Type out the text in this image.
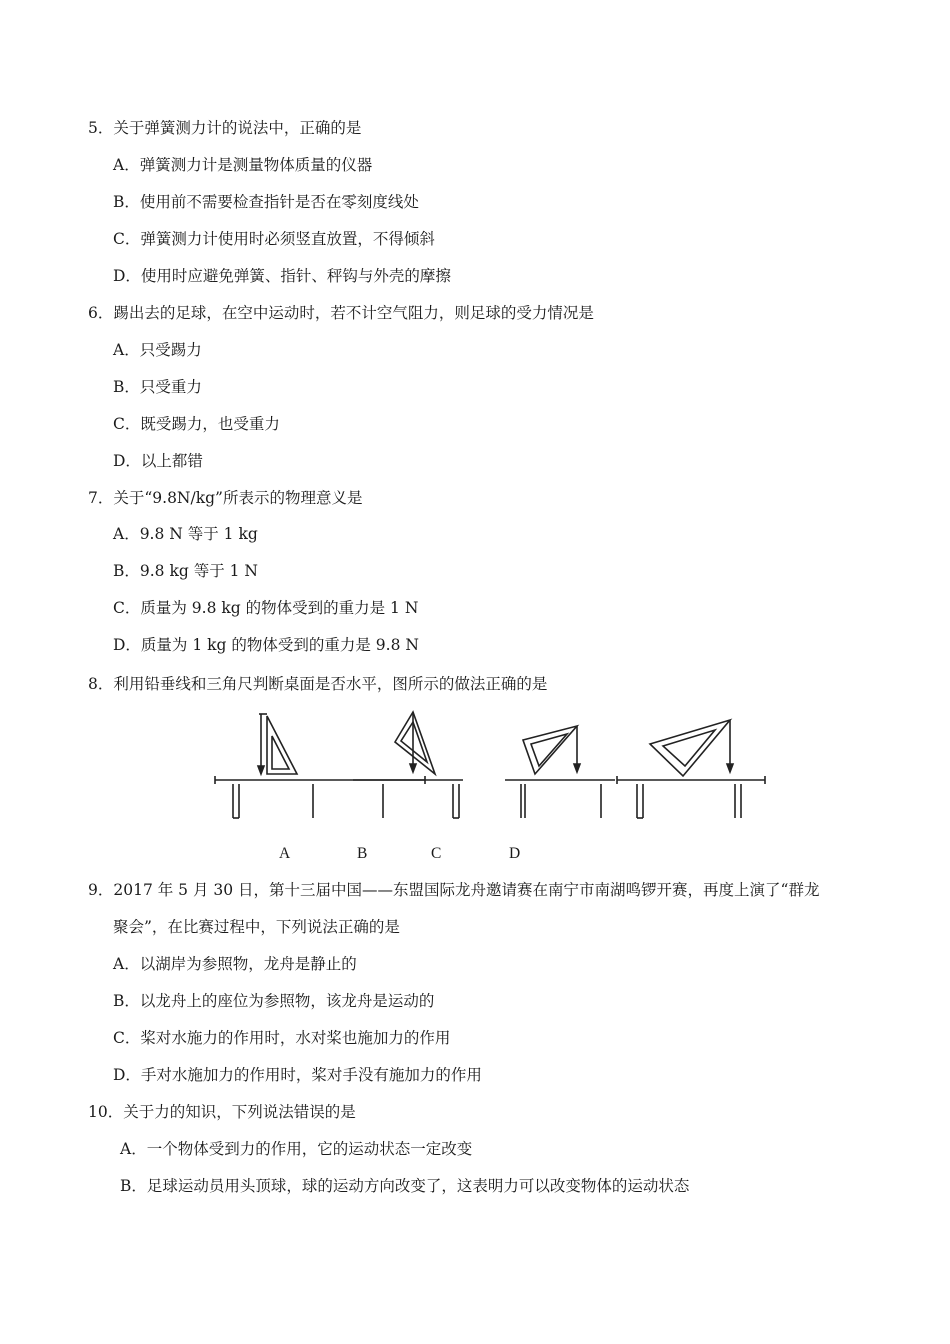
5．关于弹簧测力计的说法中，正确的是
A．弹簧测力计是测量物体质量的仪器
B．使用前不需要检查指针是否在零刻度线处
C．弹簧测力计使用时必须竖直放置，不得倾斜
D．使用时应避免弹簧、指针、秤钩与外壳的摩擦
6．踢出去的足球，在空中运动时，若不计空气阻力，则足球的受力情况是
A．只受踢力
B．只受重力
C．既受踢力，也受重力
D．以上都错
7．关于“9.8N/kg”所表示的物理意义是
A．9.8 N 等于 1 kg
B．9.8 kg 等于 1 N
C．质量为 9.8 kg 的物体受到的重力是 1 N
D．质量为 1 kg 的物体受到的重力是 9.8 N
8．利用铅垂线和三角尺判断桌面是否水平，图所示的做法正确的是
A	B	C	D
9．2017 年 5 月 30 日，第十三届中国——东盟国际龙舟邀请赛在南宁市南湖鸣锣开赛，再度上演了“群龙
聚会”，在比赛过程中，下列说法正确的是
A．以湖岸为参照物，龙舟是静止的
B．以龙舟上的座位为参照物，该龙舟是运动的
C．桨对水施力的作用时，水对桨也施加力的作用
D．手对水施加力的作用时，桨对手没有施加力的作用
10．关于力的知识，下列说法错误的是
A．一个物体受到力的作用，它的运动状态一定改变
B．足球运动员用头顶球，球的运动方向改变了，这表明力可以改变物体的运动状态
